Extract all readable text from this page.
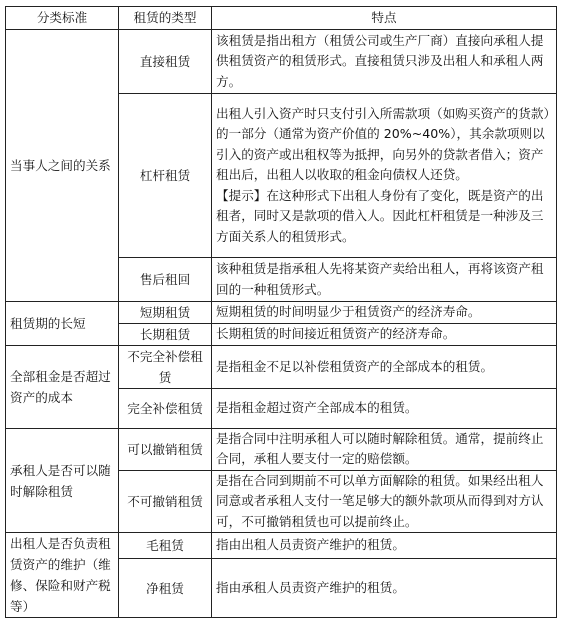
分类标准	租赁的类型	特点
当事人之间的关系	直接租赁	该租赁是指出租方（租赁公司或生产厂商）直接向承租人提供租赁资产的租赁形式。直接租赁只涉及出租人和承租人两方。

	杠杆租赁	出租人引入资产时只支付引入所需款项（如购买资产的货款）的一部分（通常为资产价值的 20%~40%），其余款项则以引入的资产或出租权等为抵押，向另外的贷款者借入；资产租出后，出租人以收取的租金向债权人还贷。
【提示】在这种形式下出租人身份有了变化，既是资产的出租者，同时又是款项的借入人。因此杠杆租赁是一种涉及三方面关系人的租赁形式。

	售后租回	该种租赁是指承租人先将某资产卖给出租人，再将该资产租回的一种租赁形式。

租赁期的长短	短期租赁	短期租赁的时间明显少于租赁资产的经济寿命。

	长期租赁	长期租赁的时间接近租赁资产的经济寿命。

全部租金是否超过资产的成本	不完全补偿租赁	是指租金不足以补偿租赁资产的全部成本的租赁。

	完全补偿租赁	是指租金超过资产全部成本的租赁。

承租人是否可以随时解除租赁	可以撤销租赁	是指合同中注明承租人可以随时解除租赁。通常，提前终止合同，承租人要支付一定的赔偿额。

	不可撤销租赁	是指在合同到期前不可以单方面解除的租赁。如果经出租人同意或者承租人支付一笔足够大的额外款项从而得到对方认可，不可撤销租赁也可以提前终止。

出租人是否负责租赁资产的维护（维修、保险和财产税等）	毛租赁	指由出租人员责资产维护的租赁。

	净租赁	指由承租人员责资产维护的租赁。
